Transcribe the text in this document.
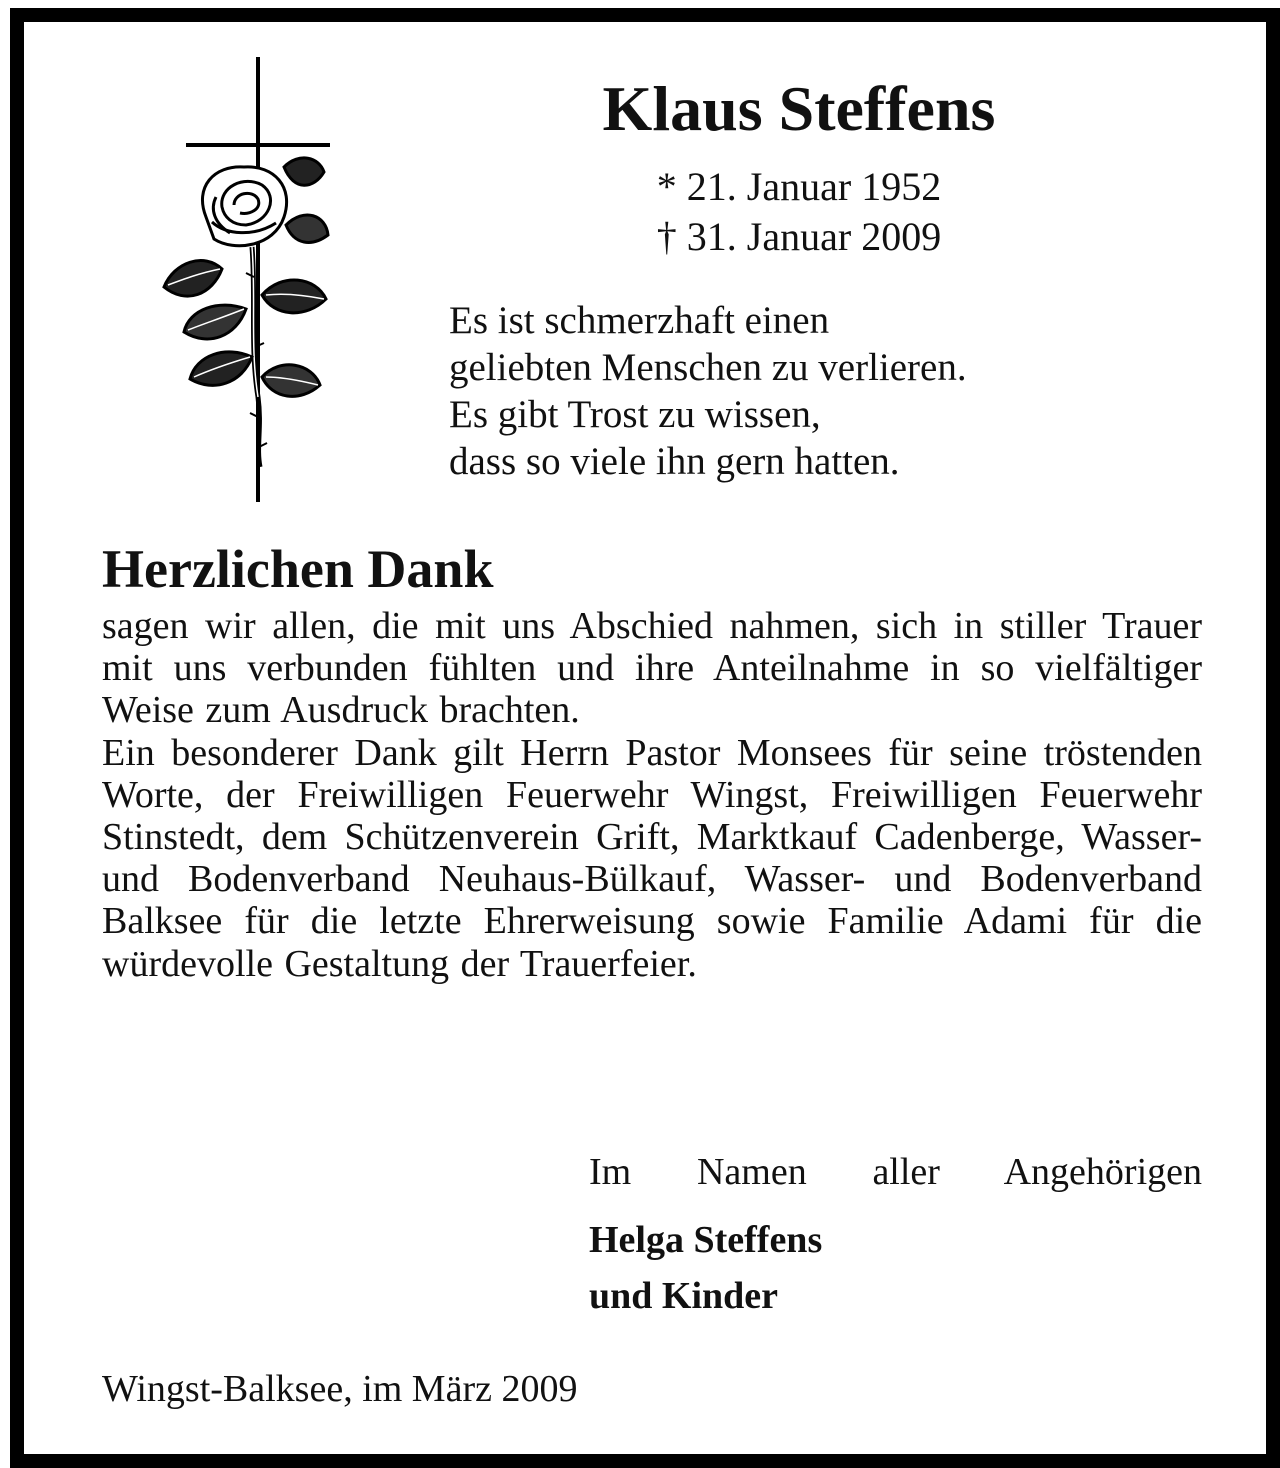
Klaus Steffens
* 21. Januar 1952
† 31. Januar 2009
Es ist schmerzhaft einen
geliebten Menschen zu verlieren.
Es gibt Trost zu wissen,
dass so viele ihn gern hatten.
Herzlichen Dank

sagen wir allen, die mit uns Abschied nahmen, sich in stiller Trauer mit uns verbunden fühlten und ihre Anteilnahme in so vielfältiger Weise zum Ausdruck brachten.

Ein besonderer Dank gilt Herrn Pastor Monsees für seine tröstenden Worte, der Freiwilligen Feuerwehr Wingst, Freiwilligen Feuerwehr Stinstedt, dem Schützenverein Grift, Marktkauf Cadenberge, Wasser- und Bodenverband Neuhaus-Bülkauf, Wasser- und Bodenverband Balksee für die letzte Ehrerweisung sowie Familie Adami für die würdevolle Gestaltung der Trauerfeier.

Im Namen aller Angehörigen
Helga Steffens
und Kinder
Wingst-Balksee, im März 2009
